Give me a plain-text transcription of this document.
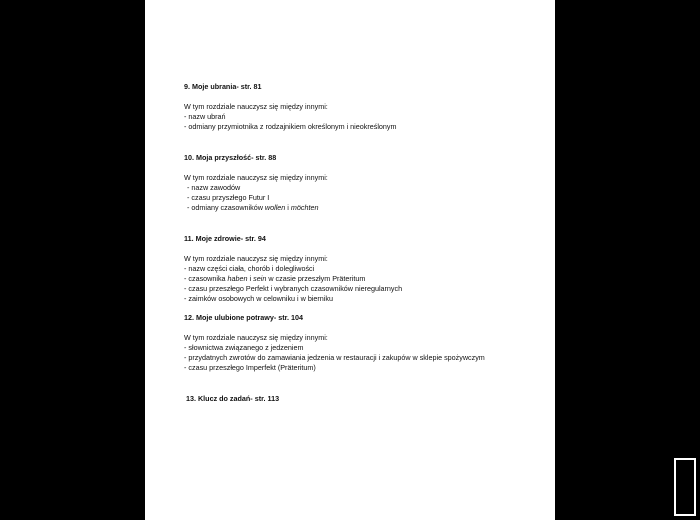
9. Moje ubrania- str. 81

W tym rozdziale nauczysz się między innymi:

- nazw ubrań
- odmiany przymiotnika z rodzajnikiem określonym i nieokreślonym

10. Moja przyszłość- str. 88

W tym rozdziale nauczysz się między innymi:

- nazw zawodów
- czasu przyszłego Futur I
- odmiany czasowników wollen i möchten

11. Moje zdrowie- str. 94

W tym rozdziale nauczysz się między innymi:

- nazw części ciała, chorób i dolegliwości
- czasownika haben i sein w czasie przeszłym Präteritum
- czasu przeszłego Perfekt i wybranych czasowników nieregularnych
- zaimków osobowych w celowniku i w bierniku

12. Moje ulubione potrawy- str. 104

W tym rozdziale nauczysz się między innymi:

- słownictwa związanego z jedzeniem
- przydatnych zwrotów do zamawiania jedzenia w restauracji i zakupów w sklepie spożywczym
- czasu przeszłego Imperfekt (Präteritum)

13. Klucz do zadań- str. 113
